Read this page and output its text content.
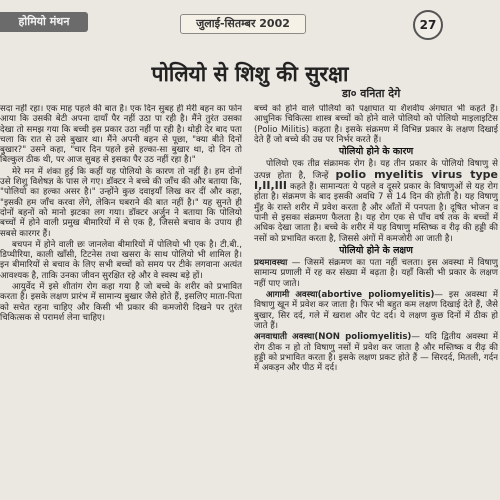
होमियो मंथन	जुलाई-सितम्बर 2002	27
पोलियो से शिशु की सुरक्षा
डा० वनिता देगे

सदा नहीं रहा। एक माह पहले की बात है। एक दिन सुबह ही मेरी बहन का फोन आया कि उसकी बेटी अपना दायाँ पैर नहीं उठा पा रही है। मैंने तुरंत उसका देखा तो समझ गया कि बच्ची इस प्रकार उठा नहीं पा रही है। थोड़ी देर बाद पता चला कि रात से उसे बुखार था। मैंने अपनी बहन से पूछा, "क्या बीते दिनों बुखार?" उसने कहा, "चार दिन पहले इसे हल्का-सा बुखार था, दो दिन तो बिल्कुल ठीक थी, पर आज सुबह से इसका पैर उठ नहीं रहा है।"

मेरे मन में शंका हुई कि कहीं यह पोलियो के कारण तो नहीं है। हम दोनों उसे शिशु विशेषज्ञ के पास ले गए। डॉक्टर ने बच्चे की जाँच की और बताया कि, "पोलियो का हल्का असर है।" उन्होंने कुछ दवाइयाँ लिख कर दीं और कहा, "इसकी हम जाँच करवा लेंगे, लेकिन घबराने की बात नहीं है।" यह सुनते ही दोनों बहनों को मानो झटका लग गया। डॉक्टर अर्जुन ने बताया कि पोलियो बच्चों में होने वाली प्रमुख बीमारियों में से एक है, जिससे बचाव के उपाय ही सबसे कारगर हैं।

बचपन में होने वाली छः जानलेवा बीमारियों में पोलियो भी एक है। टी.बी., डिप्थीरिया, काली खाँसी, टिटनेस तथा खसरा के साथ पोलियो भी शामिल है। इन बीमारियों से बचाव के लिए सभी बच्चों को समय पर टीके लगवाना अत्यंत आवश्यक है, ताकि उनका जीवन सुरक्षित रहे और वे स्वस्थ बड़े हों।

आयुर्वेद में इसे शीतांग रोग कहा गया है जो बच्चे के शरीर को प्रभावित करता है। इसके लक्षण प्रारंभ में सामान्य बुखार जैसे होते हैं, इसलिए माता-पिता को सचेत रहना चाहिए और किसी भी प्रकार की कमजोरी दिखने पर तुरंत चिकित्सक से परामर्श लेना चाहिए।

बच्चे को होने वाले पोलियो को पक्षाघात या शैशवीय अंगघात भी कहते हैं। आधुनिक चिकित्सा शास्त्र बच्चों को होने वाले पोलियो को पोलियो माइलाइटिस (Polio Militis) कहता है। इसके संक्रमण में विभिन्न प्रकार के लक्षण दिखाई देते हैं जो बच्चे की उम्र पर निर्भर करते हैं।

पोलियो होने के कारण

पोलियो एक तीव्र संक्रामक रोग है। यह तीन प्रकार के पोलियो विषाणु से उत्पन्न होता है, जिन्हें polio myelitis virus type I,II,III कहते हैं। सामान्यतः ये पहले व दूसरे प्रकार के विषाणुओं से यह रोग होता है। संक्रमण के बाद इसकी अवधि 7 से 14 दिन की होती है। यह विषाणु मुँह के रास्ते शरीर में प्रवेश करता है और आँतों में पनपता है। दूषित भोजन व पानी से इसका संक्रमण फैलता है। यह रोग एक से पाँच वर्ष तक के बच्चों में अधिक देखा जाता है। बच्चे के शरीर में यह विषाणु मस्तिष्क व रीढ़ की हड्डी की नसों को प्रभावित करता है, जिससे अंगों में कमजोरी आ जाती है।

पोलियो होने के लक्षण

प्रथमावस्था — जिसमें संक्रमण का पता नहीं चलता। इस अवस्था में विषाणु सामान्य प्रणाली में रह कर संख्या में बढ़ता है। यहाँ किसी भी प्रकार के लक्षण नहीं पाए जाते।

आगामी अवस्था(abortive poliomyelitis)— इस अवस्था में विषाणु खून में प्रवेश कर जाता है। फिर भी बहुत कम लक्षण दिखाई देते हैं, जैसे बुखार, सिर दर्द, गले में खराश और पेट दर्द। ये लक्षण कुछ दिनों में ठीक हो जाते हैं।

अनवाधाती अवस्था(NON poliomyelitis)— यदि द्वितीय अवस्था में रोग ठीक न हो तो विषाणु नसों में प्रवेश कर जाता है और मस्तिष्क व रीढ़ की हड्डी को प्रभावित करता है। इसके लक्षण प्रकट होते हैं — सिरदर्द, मितली, गर्दन में अकड़न और पीठ में दर्द।
